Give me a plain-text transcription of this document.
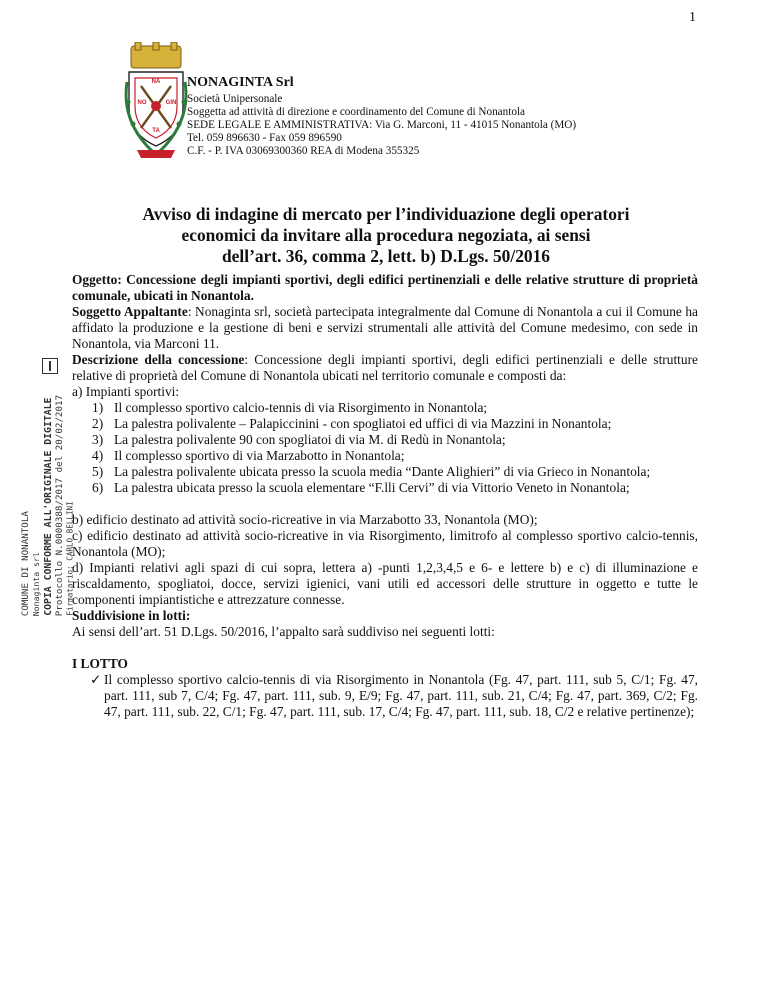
1
NA
NO	GIN
TA
NONAGINTA Srl
Società Unipersonale
Soggetta ad attività di direzione e coordinamento del Comune di Nonantola
SEDE LEGALE E AMMINISTRATIVA: Via G. Marconi, 11 - 41015 Nonantola (MO)
Tel. 059 896630 - Fax 059 896590
C.F. - P. IVA 03069300360 REA di Modena 355325
COMUNE DI NONANTOLA Nonaginta srl COPIA CONFORME ALL'ORIGINALE DIGITALE Protocollo N.0000388/2017 del 20/02/2017 Firmatario: CARLO BELLINI
Avviso di indagine di mercato per l’individuazione degli operatori
economici da invitare alla procedura negoziata, ai sensi
dell’art. 36, comma 2, lett. b) D.Lgs. 50/2016

Oggetto: Concessione degli impianti sportivi, degli edifici pertinenziali e delle relative strutture di proprietà comunale, ubicati in Nonantola.

Soggetto Appaltante: Nonaginta srl, società partecipata integralmente dal Comune di Nonantola a cui il Comune ha affidato la produzione e la gestione di beni e servizi strumentali alle attività del Comune medesimo, con sede in Nonantola, via Marconi 11.

Descrizione della concessione: Concessione degli impianti sportivi, degli edifici pertinenziali e delle strutture relative di proprietà del Comune di Nonantola ubicati nel territorio comunale e composti da:

a) Impianti sportivi:

1) Il complesso sportivo calcio-tennis di via Risorgimento in Nonantola;
2) La palestra polivalente – Palapiccinini - con spogliatoi ed uffici di via Mazzini in Nonantola;
3) La palestra polivalente 90 con spogliatoi di via M. di Redù in Nonantola;
4) Il complesso sportivo di via Marzabotto in Nonantola;
5) La palestra polivalente ubicata presso la scuola media “Dante Alighieri” di via Grieco in Nonantola;
6) La palestra ubicata presso la scuola elementare “F.lli Cervi” di via Vittorio Veneto in Nonantola;

b) edificio destinato ad attività socio-ricreative in via Marzabotto 33, Nonantola (MO);

c) edificio destinato ad attività socio-ricreative in via Risorgimento, limitrofo al complesso sportivo calcio-tennis, Nonantola (MO);

d) Impianti relativi agli spazi di cui sopra, lettera a) -punti 1,2,3,4,5 e 6- e lettere b) e c) di illuminazione e riscaldamento, spogliatoi, docce, servizi igienici, vani utili ed accessori delle strutture in oggetto e tutte le componenti impiantistiche e attrezzature connesse.

Suddivisione in lotti:

Ai sensi dell’art. 51 D.Lgs. 50/2016, l’appalto sarà suddiviso nei seguenti lotti:

I LOTTO

✓ Il complesso sportivo calcio-tennis di via Risorgimento in Nonantola (Fg. 47, part. 111, sub 5, C/1; Fg. 47, part. 111, sub 7, C/4; Fg. 47, part. 111, sub. 9, E/9; Fg. 47, part. 111, sub. 21, C/4; Fg. 47, part. 369, C/2; Fg. 47, part. 111, sub. 22, C/1; Fg. 47, part. 111, sub. 17, C/4; Fg. 47, part. 111, sub. 18, C/2 e relative pertinenze);
